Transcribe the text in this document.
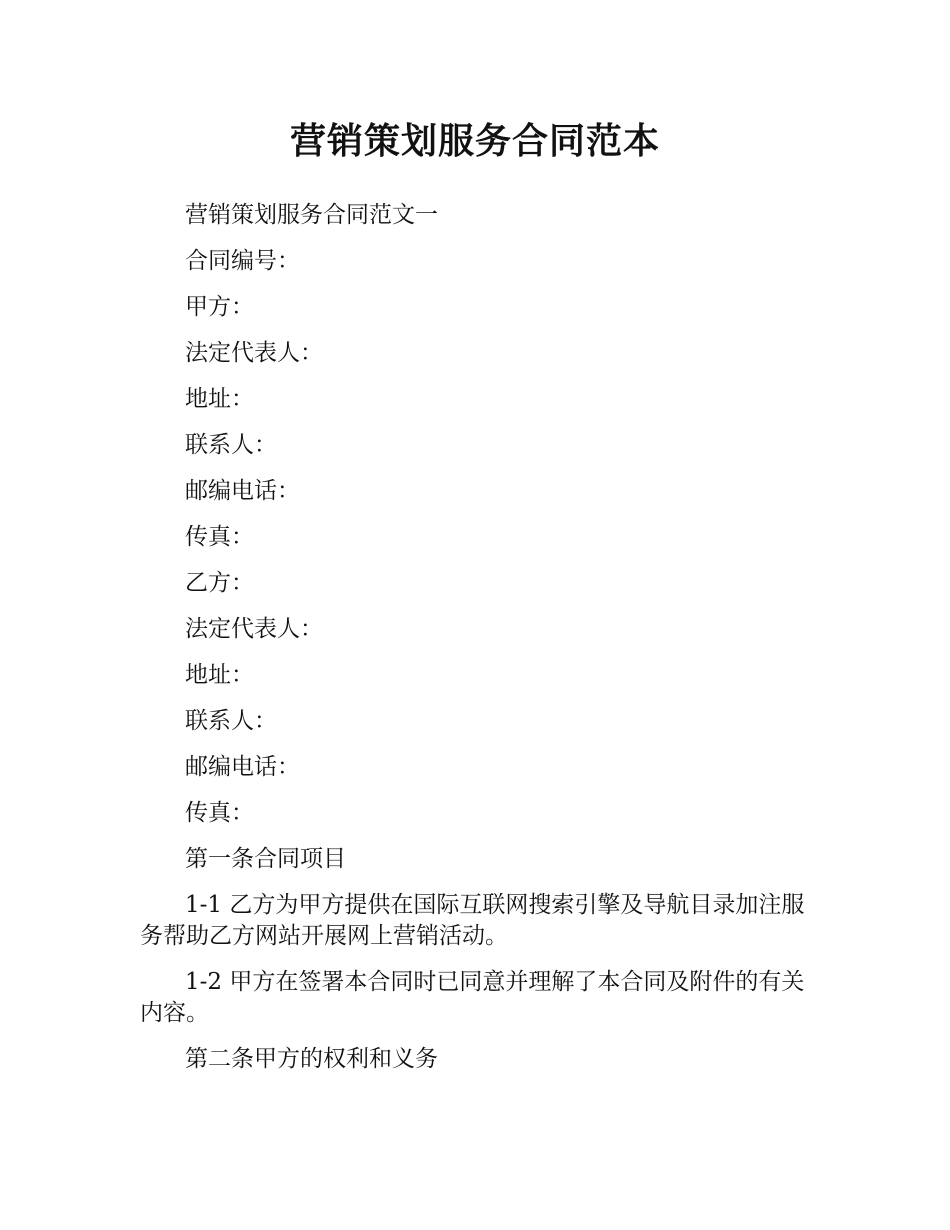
营销策划服务合同范本

营销策划服务合同范文一

合同编号：

甲方：

法定代表人：

地址：

联系人：

邮编电话：

传真：

乙方：

法定代表人：

地址：

联系人：

邮编电话：

传真：

第一条合同项目

1-1 乙方为甲方提供在国际互联网搜索引擎及导航目录加注服务帮助乙方网站开展网上营销活动。

1-2 甲方在签署本合同时已同意并理解了本合同及附件的有关内容。

第二条甲方的权利和义务
